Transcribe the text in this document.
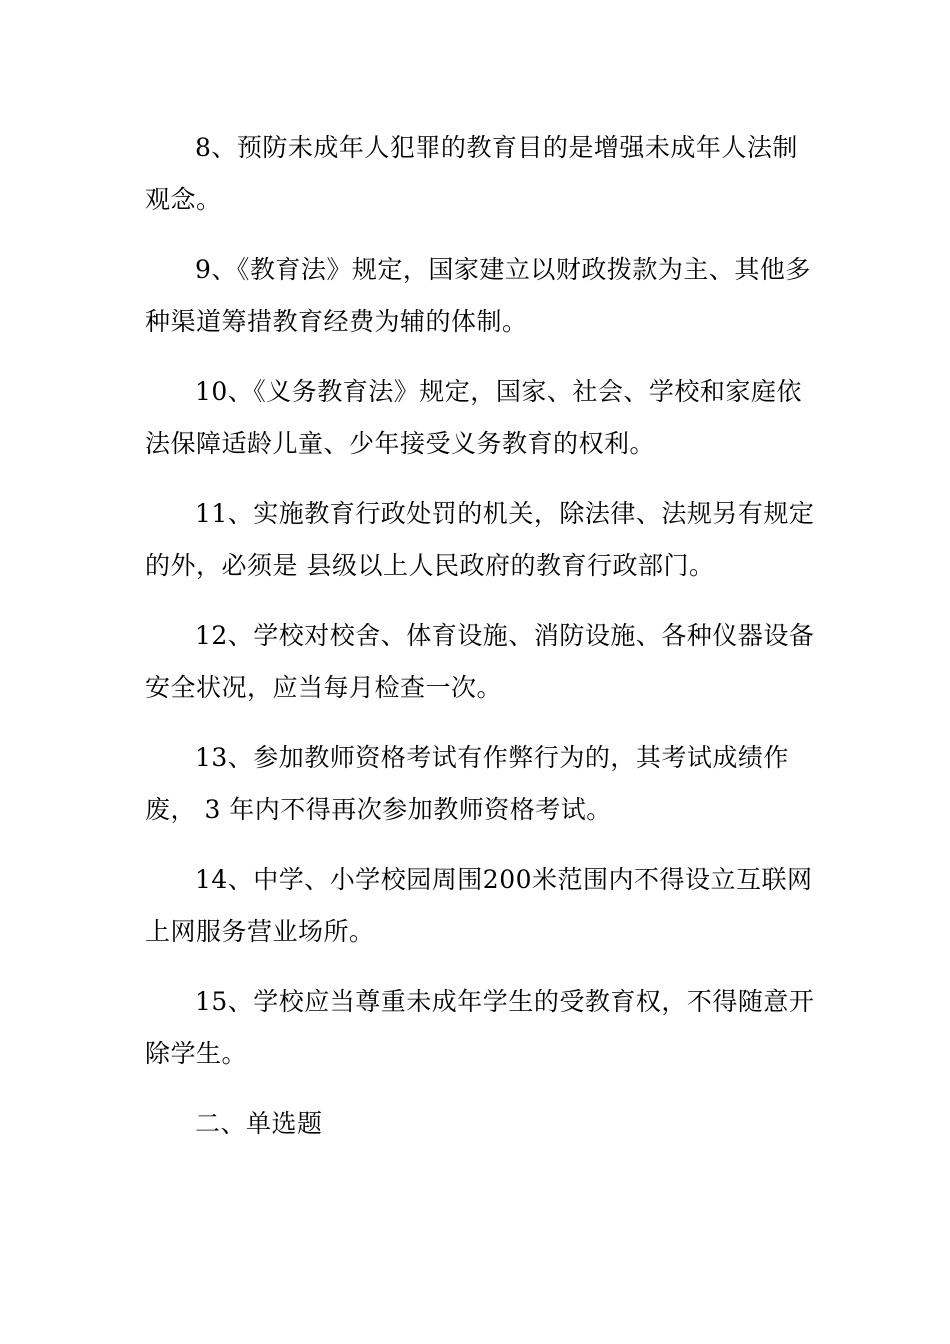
8、预防未成年人犯罪的教育目的是增强未成年人法制观念。

9、《教育法》规定，国家建立以财政拨款为主、其他多种渠道筹措教育经费为辅的体制。

10、《义务教育法》规定，国家、社会、学校和家庭依法保障适龄儿童、少年接受义务教育的权利。

11、实施教育行政处罚的机关，除法律、法规另有规定的外，必须是 县级以上人民政府的教育行政部门。

12、学校对校舍、体育设施、消防设施、各种仪器设备安全状况，应当每月检查一次。

13、参加教师资格考试有作弊行为的，其考试成绩作废， 3 年内不得再次参加教师资格考试。

14、中学、小学校园周围200米范围内不得设立互联网上网服务营业场所。

15、学校应当尊重未成年学生的受教育权，不得随意开除学生。

二、单选题
